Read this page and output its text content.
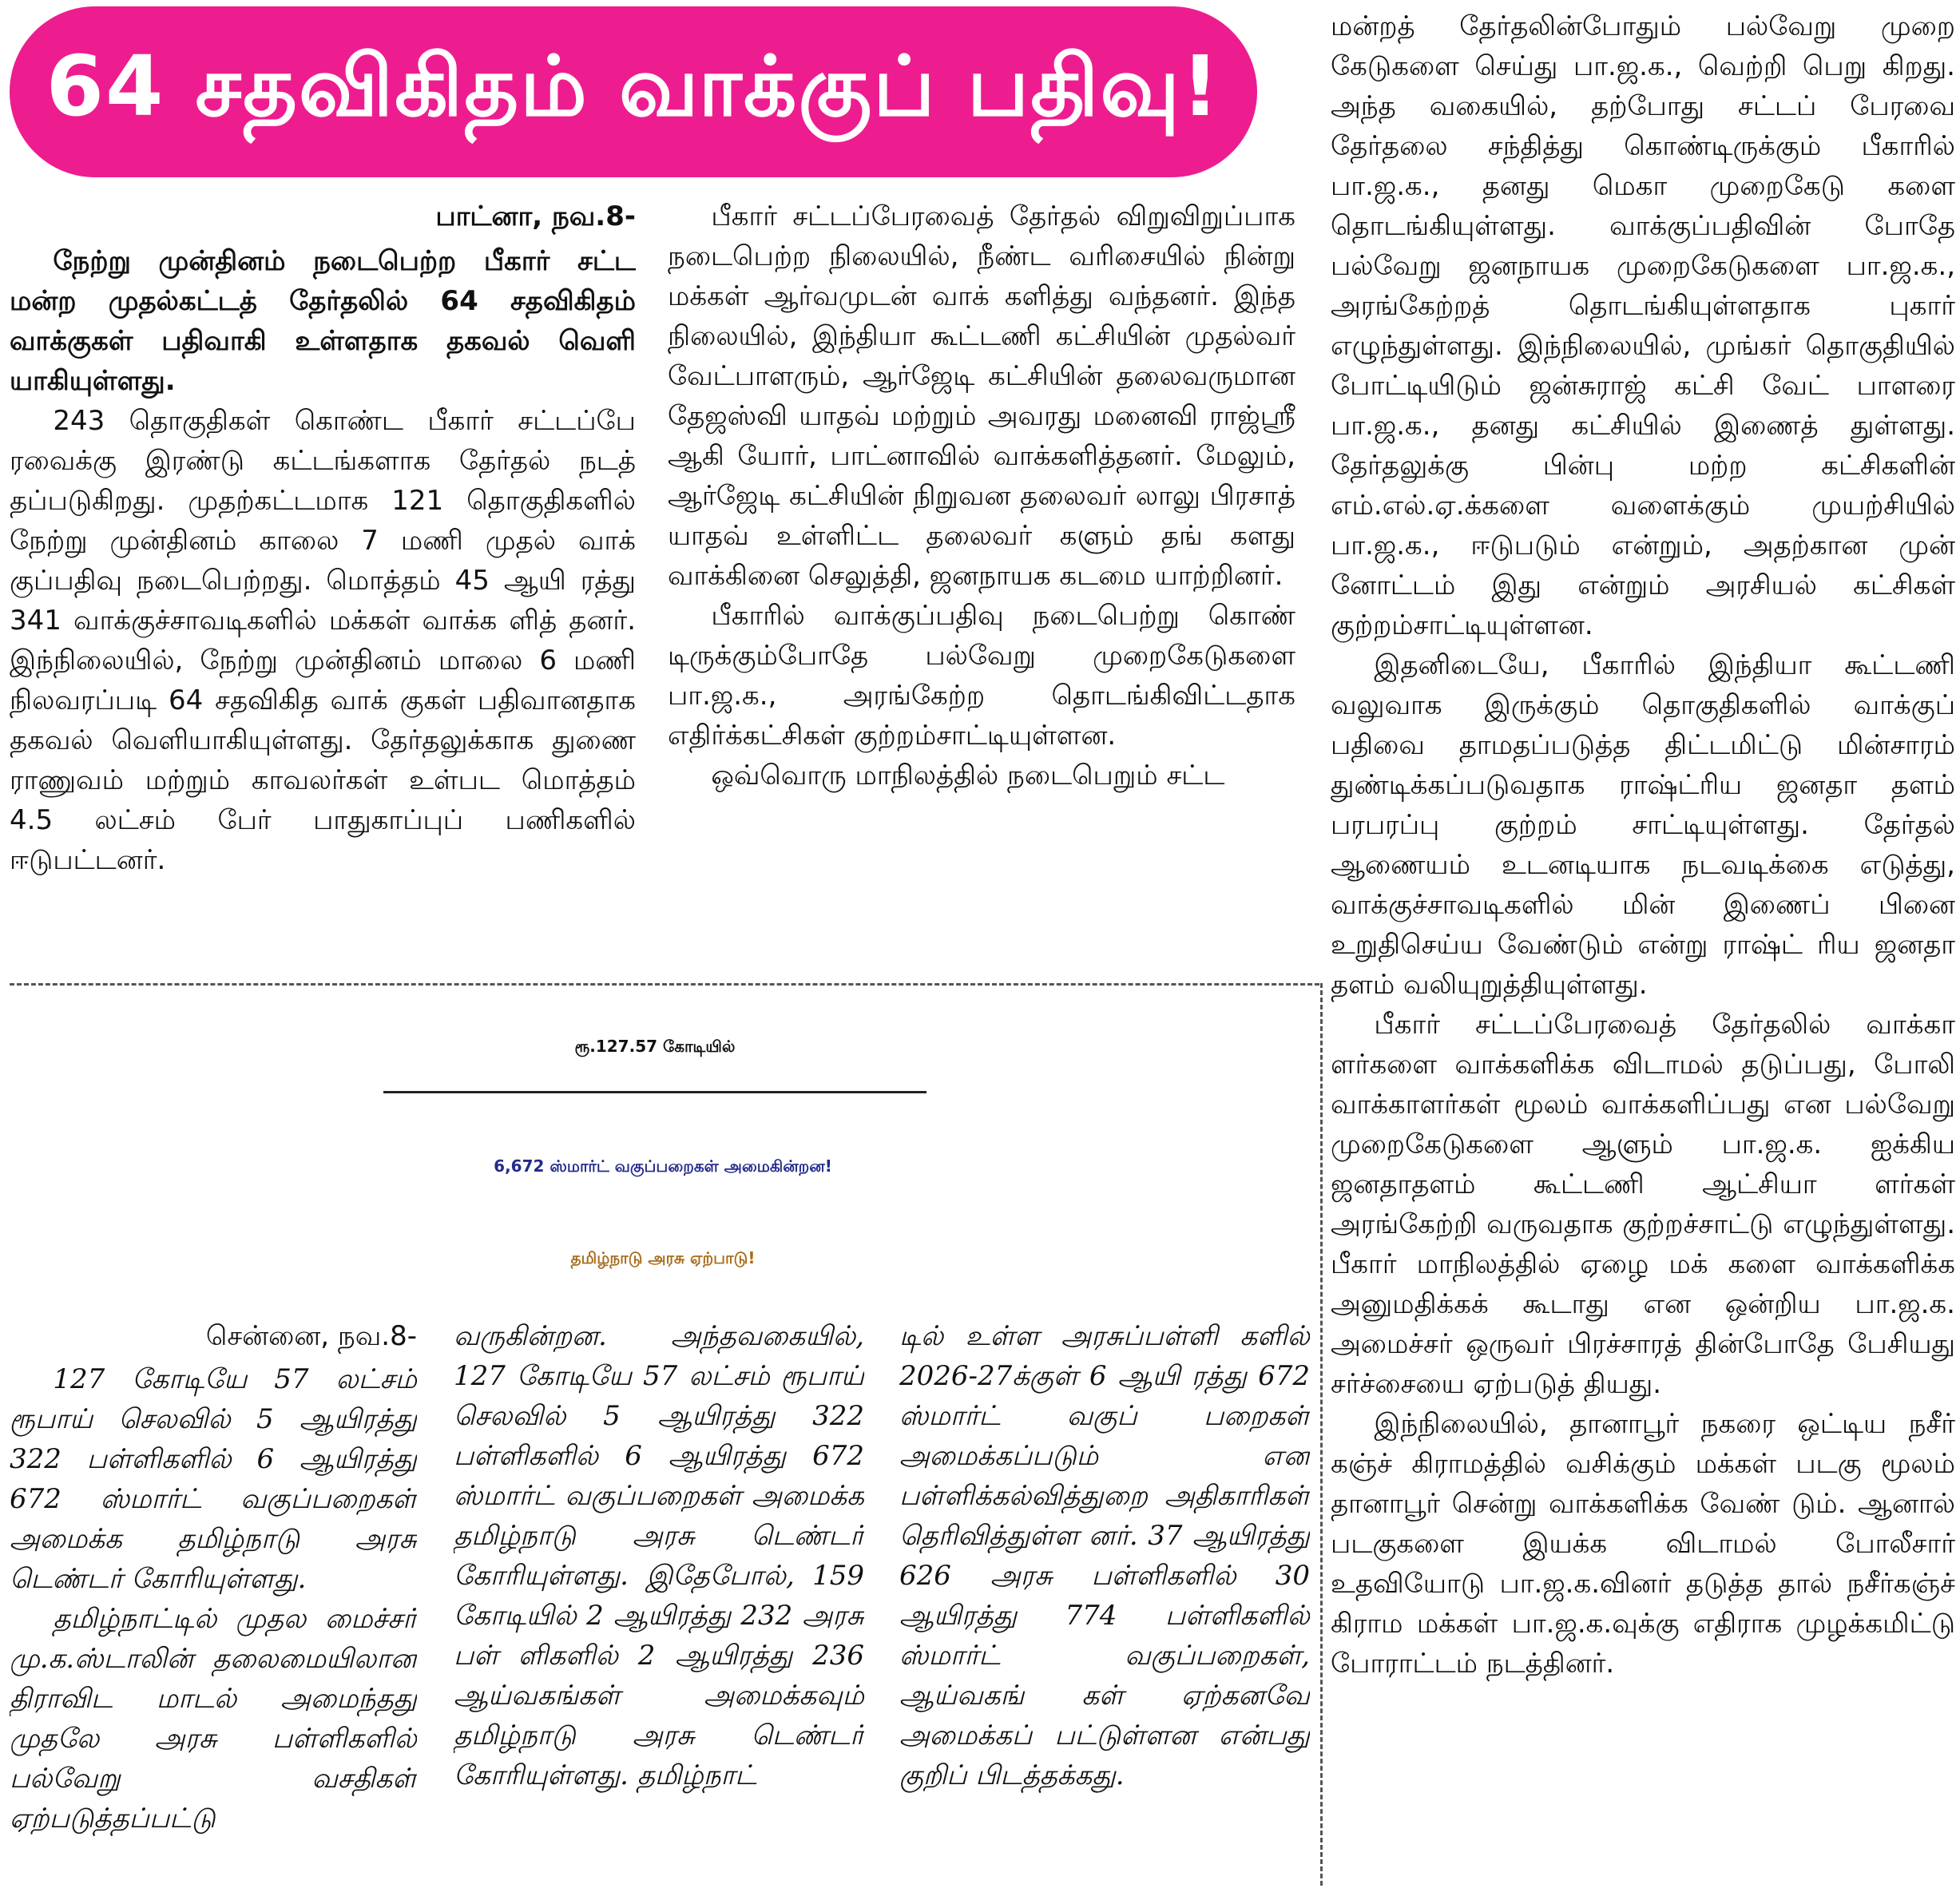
64 சதவிகிதம் வாக்குப் பதிவு!

பாட்னா, நவ.8-

நேற்று முன்தினம் நடைபெற்ற பீகார் சட்ட மன்ற முதல்கட்டத் தேர்தலில் 64 சதவிகிதம் வாக்குகள் பதிவாகி உள்ளதாக தகவல் வெளி யாகியுள்ளது.

243 தொகுதிகள் கொண்ட பீகார் சட்டப்பே ரவைக்கு இரண்டு கட்டங்களாக தேர்தல் நடத் தப்படுகிறது. முதற்கட்டமாக 121 தொகுதிகளில் நேற்று முன்தினம் காலை 7 மணி முதல் வாக் குப்பதிவு நடைபெற்றது. மொத்தம் 45 ஆயி ரத்து 341 வாக்குச்சாவடிகளில் மக்கள் வாக்க ளித் தனர். இந்நிலையில், நேற்று முன்தினம் மாலை 6 மணி நிலவரப்படி 64 சதவிகித வாக் குகள் பதிவானதாக தகவல் வெளியாகியுள்ளது. தேர்தலுக்காக துணை ராணுவம் மற்றும் காவலர்கள் உள்பட மொத்தம் 4.5 லட்சம் பேர் பாதுகாப்புப் பணிகளில் ஈடுபட்டனர்.

பீகார் சட்டப்பேரவைத் தேர்தல் விறுவிறுப்பாக நடைபெற்ற நிலையில், நீண்ட வரிசையில் நின்று மக்கள் ஆர்வமுடன் வாக் களித்து வந்தனர். இந்த நிலையில், இந்தியா கூட்டணி கட்சியின் முதல்வர் வேட்பாளரும், ஆர்ஜேடி கட்சியின் தலைவருமான தேஜஸ்வி யாதவ் மற்றும் அவரது மனைவி ராஜ்ஸ்ரீ ஆகி யோர், பாட்னாவில் வாக்களித்தனர். மேலும், ஆர்ஜேடி கட்சியின் நிறுவன தலைவர் லாலு பிரசாத் யாதவ் உள்ளிட்ட தலைவர் களும் தங் களது வாக்கினை செலுத்தி, ஜனநாயக கடமை யாற்றினர்.

பீகாரில் வாக்குப்பதிவு நடைபெற்று கொண் டிருக்கும்போதே பல்வேறு முறைகேடுகளை பா.ஜ.க., அரங்கேற்ற தொடங்கிவிட்டதாக எதிர்க்கட்சிகள் குற்றம்சாட்டியுள்ளன.

ஒவ்வொரு மாநிலத்தில் நடைபெறும் சட்ட

மன்றத் தேர்தலின்போதும் பல்வேறு முறை கேடுகளை செய்து பா.ஜ.க., வெற்றி பெறு கிறது. அந்த வகையில், தற்போது சட்டப் பேரவை தேர்தலை சந்தித்து கொண்டிருக்கும் பீகாரில் பா.ஜ.க., தனது மெகா முறைகேடு களை தொடங்கியுள்ளது. வாக்குப்பதிவின் போதே பல்வேறு ஜனநாயக முறைகேடுகளை பா.ஜ.க., அரங்கேற்றத் தொடங்கியுள்ளதாக புகார் எழுந்துள்ளது. இந்நிலையில், முங்கர் தொகுதியில் போட்டியிடும் ஜன்சுராஜ் கட்சி வேட் பாளரை பா.ஜ.க., தனது கட்சியில் இணைத் துள்ளது. தேர்தலுக்கு பின்பு மற்ற கட்சிகளின் எம்.எல்.ஏ.க்களை வளைக்கும் முயற்சியில் பா.ஜ.க., ஈடுபடும் என்றும், அதற்கான முன் னோட்டம் இது என்றும் அரசியல் கட்சிகள் குற்றம்சாட்டியுள்ளன.

இதனிடையே, பீகாரில் இந்தியா கூட்டணி வலுவாக இருக்கும் தொகுதிகளில் வாக்குப் பதிவை தாமதப்படுத்த திட்டமிட்டு மின்சாரம் துண்டிக்கப்படுவதாக ராஷ்ட்ரிய ஜனதா தளம் பரபரப்பு குற்றம் சாட்டியுள்ளது. தேர்தல் ஆணையம் உடனடியாக நடவடிக்கை எடுத்து, வாக்குச்சாவடிகளில் மின் இணைப் பினை உறுதிசெய்ய வேண்டும் என்று ராஷ்ட் ரிய ஜனதா தளம் வலியுறுத்தியுள்ளது.

பீகார் சட்டப்பேரவைத் தேர்தலில் வாக்கா ளர்களை வாக்களிக்க விடாமல் தடுப்பது, போலி வாக்காளர்கள் மூலம் வாக்களிப்பது என பல்வேறு முறைகேடுகளை ஆளும் பா.ஜ.க. ஐக்கிய ஜனதாதளம் கூட்டணி ஆட்சியா ளர்கள் அரங்கேற்றி வருவதாக குற்றச்சாட்டு எழுந்துள்ளது. பீகார் மாநிலத்தில் ஏழை மக் களை வாக்களிக்க அனுமதிக்கக் கூடாது என ஒன்றிய பா.ஜ.க. அமைச்சர் ஒருவர் பிரச்சாரத் தின்போதே பேசியது சர்ச்சையை ஏற்படுத் தியது.

இந்நிலையில், தானாபூர் நகரை ஒட்டிய நசீர் கஞ்ச் கிராமத்தில் வசிக்கும் மக்கள் படகு மூலம் தானாபூர் சென்று வாக்களிக்க வேண் டும். ஆனால் படகுகளை இயக்க விடாமல் போலீசார் உதவியோடு பா.ஜ.க.வினர் தடுத்த தால் நசீர்கஞ்ச் கிராம மக்கள் பா.ஜ.க.வுக்கு எதிராக முழக்கமிட்டு போராட்டம் நடத்தினர்.

ரூ.127.57 கோடியில்
6,672 ஸ்மார்ட் வகுப்பறைகள் அமைகின்றன!
தமிழ்நாடு அரசு ஏற்பாடு!

சென்னை, நவ.8-

127 கோடியே 57 லட்சம் ரூபாய் செலவில் 5 ஆயிரத்து 322 பள்ளிகளில் 6 ஆயிரத்து 672 ஸ்மார்ட் வகுப்பறைகள் அமைக்க தமிழ்நாடு அரசு டெண்டர் கோரியுள்ளது.

தமிழ்நாட்டில் முதல மைச்சர் மு.க.ஸ்டாலின் தலைமையிலான திராவிட மாடல் அமைந்தது முதலே அரசு பள்ளிகளில் பல்வேறு வசதிகள் ஏற்படுத்தப்பட்டு

வருகின்றன. அந்தவகையில், 127 கோடியே 57 லட்சம் ரூபாய் செலவில் 5 ஆயிரத்து 322 பள்ளிகளில் 6 ஆயிரத்து 672 ஸ்மார்ட் வகுப்பறைகள் அமைக்க தமிழ்நாடு அரசு டெண்டர் கோரியுள்ளது. இதேபோல், 159 கோடியில் 2 ஆயிரத்து 232 அரசு பள் ளிகளில் 2 ஆயிரத்து 236 ஆய்வகங்கள் அமைக்கவும் தமிழ்நாடு அரசு டெண்டர் கோரியுள்ளது. தமிழ்நாட்

டில் உள்ள அரசுப்பள்ளி களில் 2026-27க்குள் 6 ஆயி ரத்து 672 ஸ்மார்ட் வகுப் பறைகள் அமைக்கப்படும் என பள்ளிக்கல்வித்துறை அதிகாரிகள் தெரிவித்துள்ள னர். 37 ஆயிரத்து 626 அரசு பள்ளிகளில் 30 ஆயிரத்து 774 பள்ளிகளில் ஸ்மார்ட் வகுப்பறைகள், ஆய்வகங் கள் ஏற்கனவே அமைக்கப் பட்டுள்ளன என்பது குறிப் பிடத்தக்கது.
